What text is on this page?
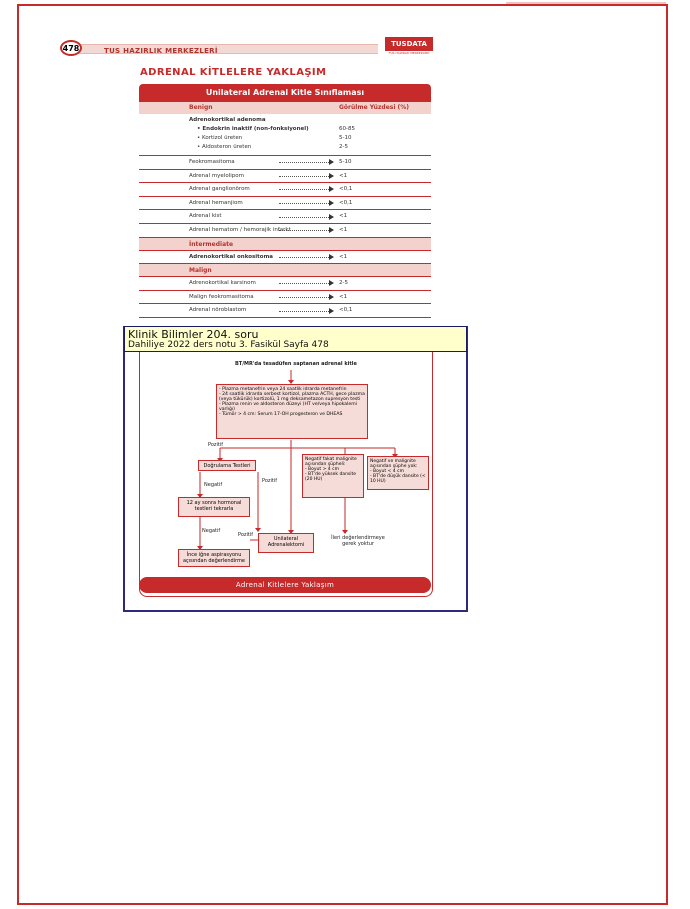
TUS HAZIRLIK MERKEZLERİ
478	TUSDATA
TUS HAZIRLIK MERKEZLERİ
ADRENAL KİTLELERE YAKLAŞIM
Unilateral Adrenal Kitle Sınıflaması
Benign	Görülme Yüzdesi (%)
Adrenokortikal adenoma
• Endokrin inaktif (non-fonksiyonel)	60-85
• Kortizol üreten	5-10
• Aldosteron üreten	2-5
Feokromasitoma	5-10
Adrenal myelolipom	<1
Adrenal ganglionörom	<0,1
Adrenal hemanjiom	<0,1
Adrenal kist	<1
Adrenal hematom / hemorajik infarkt	<1
İntermediate
Adrenokortikal onkositoma	<1
Malign
Adrenokortikal karsinom	2-5
Malign feokromasitoma	<1
Adrenal nöroblastom	<0,1
BT/MR'da tesadüfen saptanan adrenal kitle
- Plazma metanefrin veya 24 saatlik idrarda metanefrin
- 24 saatlik idrarda serbest kortizol, plazma ACTH, gece plazma (veya tükürük) kortizolü, 1 mg deksametazon supresyon testi
- Plazma renin ve aldosteron düzeyi (HT ve/veya hipokalemi varlığı)
- Tümör > 4 cm: Serum 17-OH progesteron ve DHEAS
Pozitif
Doğrulama Testleri
Negatif
Pozitif
12 ay sonra hormonal testleri tekrarla
Negatif
Pozitif
İnce iğne aspirasyonu açısından değerlendirme
Unilateral Adrenalektomi
Negatif fakat malignite açısından şüpheli:
- Boyut > 4 cm
- BT'de yüksek dansite (20 HU)
Negatif ve malignite açısından şüphe yok:
- Boyut < 4 cm
- BT'de düşük dansite (< 10 HU)
İleri değerlendirmeye gerek yoktur
Adrenal Kitlelere Yaklaşım
Klinik Bilimler 204. soru
Dahiliye 2022 ders notu 3. Fasikül Sayfa 478
